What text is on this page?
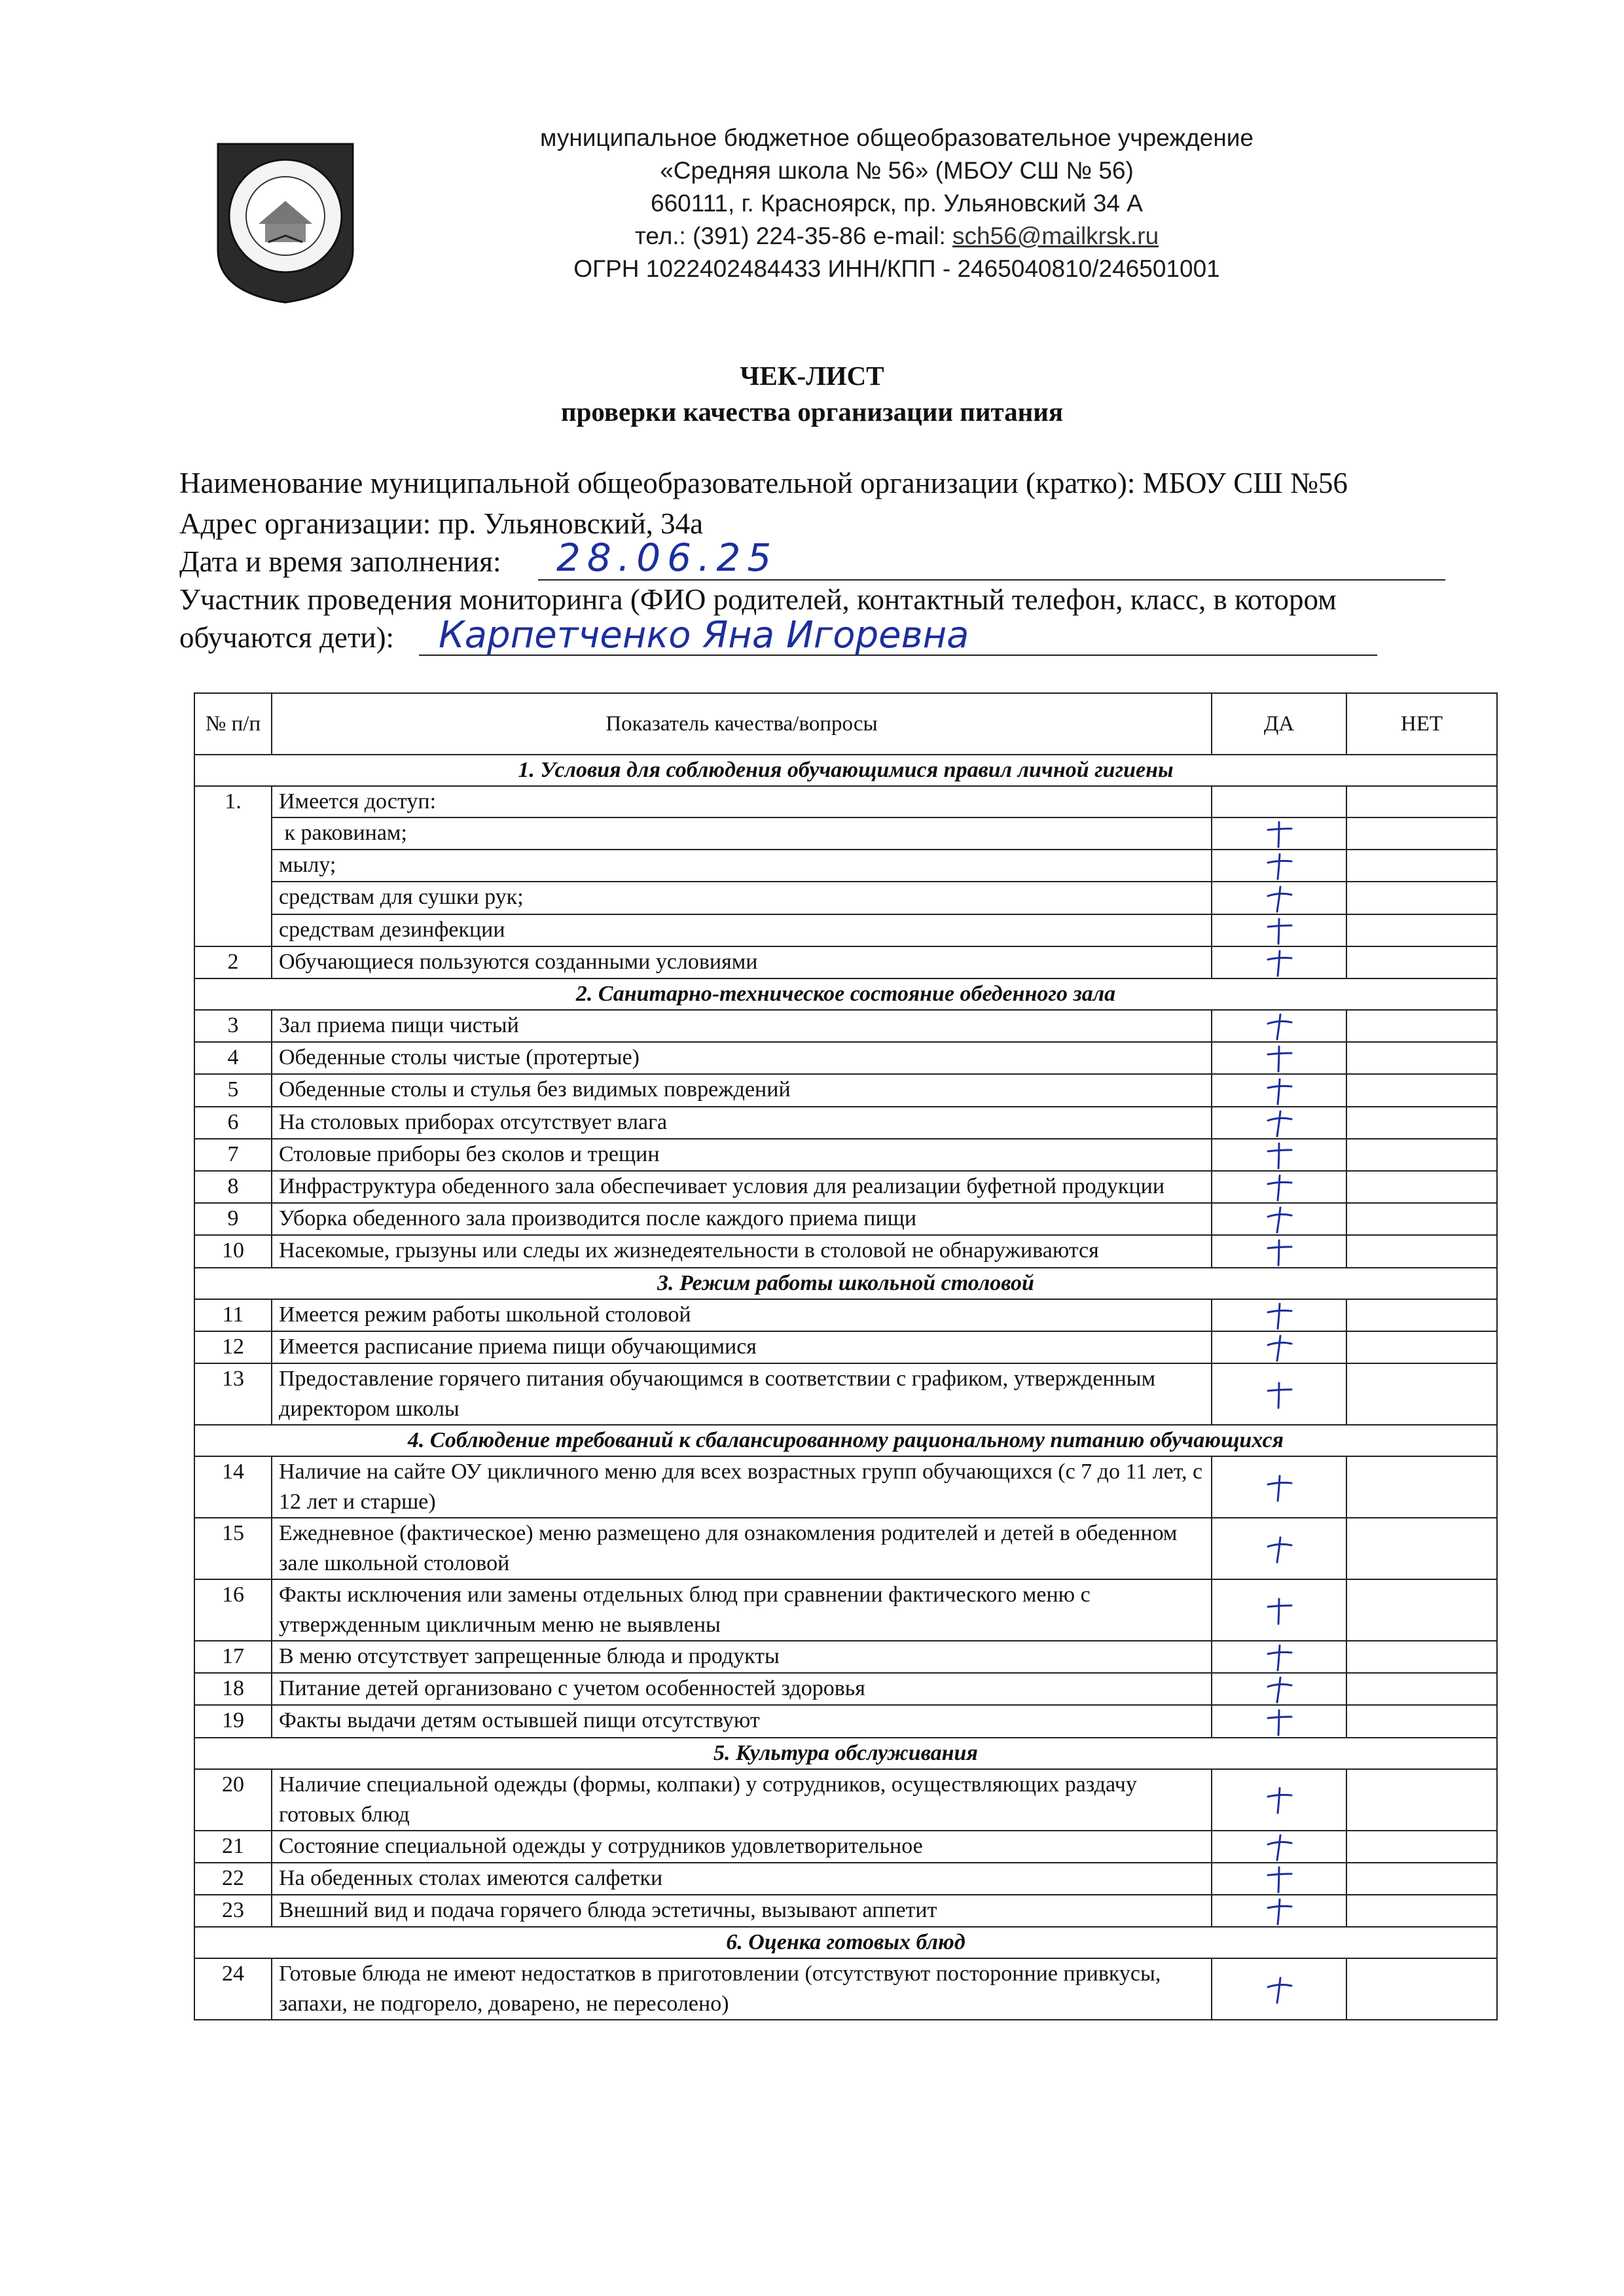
муниципальное бюджетное общеобразовательное учреждение
«Средняя школа № 56» (МБОУ СШ № 56)
660111, г. Красноярск, пр. Ульяновский 34 А
тел.: (391) 224-35-86 e-mail: sch56@mailkrsk.ru
ОГРН 1022402484433 ИНН/КПП - 2465040810/246501001
ЧЕК-ЛИСТ
проверки качества организации питания
Наименование муниципальной общеобразовательной организации (кратко): МБОУ СШ №56
Адрес организации: пр. Ульяновский, 34а
Дата и время заполнения: 28.06.25
Участник проведения мониторинга (ФИО родителей, контактный телефон, класс, в котором
обучаются дети): Карпетченко Яна Игоревна
№ п/п	Показатель качества/вопросы	ДА	НЕТ
1. Условия для соблюдения обучающимися правил личной гигиены			
1.	Имеется доступ:		
	к раковинам;	

	мылу;	

	средствам для сушки рук;	

	средствам дезинфекции	

2	Обучающиеся пользуются созданными условиями	

2. Санитарно-техническое состояние обеденного зала			
3	Зал приема пищи чистый	

4	Обеденные столы чистые (протертые)	

5	Обеденные столы и стулья без видимых повреждений	

6	На столовых приборах отсутствует влага	

7	Столовые приборы без сколов и трещин	

8	Инфраструктура обеденного зала обеспечивает условия для реализации буфетной продукции	

9	Уборка обеденного зала производится после каждого приема пищи	

10	Насекомые, грызуны или следы их жизнедеятельности в столовой не обнаруживаются	

3. Режим работы школьной столовой			
11	Имеется режим работы школьной столовой	

12	Имеется расписание приема пищи обучающимися	

13	Предоставление горячего питания обучающимся в соответствии с графиком, утвержденным директором школы	

4. Соблюдение требований к сбалансированному рациональному питанию обучающихся			
14	Наличие на сайте ОУ цикличного меню для всех возрастных групп обучающихся (с 7 до 11 лет, с 12 лет и старше)	

15	Ежедневное (фактическое) меню размещено для ознакомления родителей и детей в обеденном зале школьной столовой	

16	Факты исключения или замены отдельных блюд при сравнении фактического меню с утвержденным цикличным меню не выявлены	

17	В меню отсутствует запрещенные блюда и продукты	

18	Питание детей организовано с учетом особенностей здоровья	

19	Факты выдачи детям остывшей пищи отсутствуют	

5. Культура обслуживания			
20	Наличие специальной одежды (формы, колпаки) у сотрудников, осуществляющих раздачу готовых блюд	

21	Состояние специальной одежды у сотрудников удовлетворительное	

22	На обеденных столах имеются салфетки	

23	Внешний вид и подача горячего блюда эстетичны, вызывают аппетит	

6. Оценка готовых блюд			
24	Готовые блюда не имеют недостатков в приготовлении (отсутствуют посторонние привкусы, запахи, не подгорело, доварено, не пересолено)	
